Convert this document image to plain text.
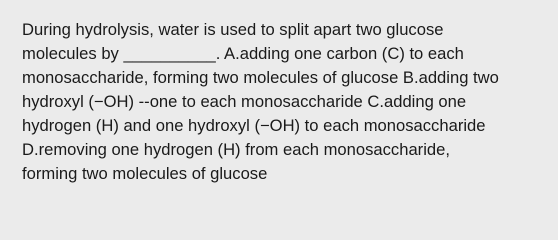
During hydrolysis, water is used to split apart two glucose
molecules by __________. A.adding one carbon (C) to each
monosaccharide, forming two molecules of glucose B.adding two
hydroxyl (−OH) --one to each monosaccharide C.adding one
hydrogen (H) and one hydroxyl (−OH) to each monosaccharide
D.removing one hydrogen (H) from each monosaccharide,
forming two molecules of glucose
